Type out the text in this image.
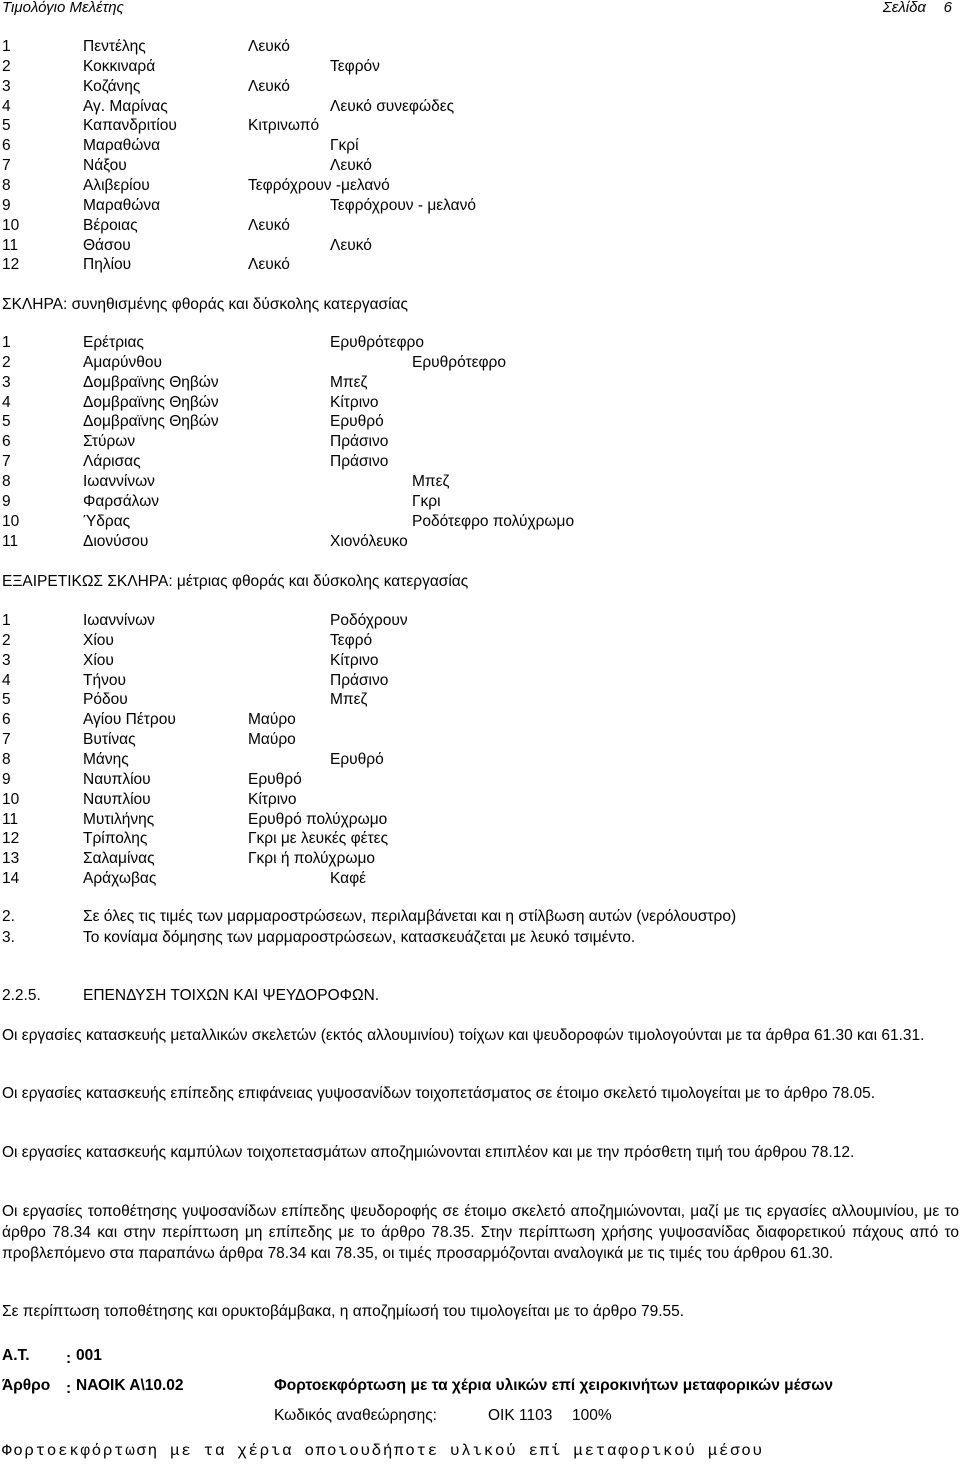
Τιμολόγιο Μελέτης	Σελίδα 6
1	Πεντέλης	Λευκό
2	Κοκκιναρά	Τεφρόν
3	Κοζάνης	Λευκό
4	Αγ. Μαρίνας	Λευκό συνεφώδες
5	Καπανδριτίου	Κιτρινωπό
6	Μαραθώνα	Γκρί
7	Νάξου	Λευκό
8	Αλιβερίου	Τεφρόχρουν -μελανό
9	Μαραθώνα	Τεφρόχρουν - μελανό
10	Βέροιας	Λευκό
11	Θάσου	Λευκό
12	Πηλίου	Λευκό
ΣΚΛΗΡΑ: συνηθισμένης φθοράς και δύσκολης κατεργασίας
1	Ερέτριας	Ερυθρότεφρο
2	Αμαρύνθου	Ερυθρότεφρο
3	Δομβραϊνης Θηβών	Μπεζ
4	Δομβραϊνης Θηβών	Κίτρινο
5	Δομβραϊνης Θηβών	Ερυθρό
6	Στύρων	Πράσινο
7	Λάρισας	Πράσινο
8	Ιωαννίνων	Μπεζ
9	Φαρσάλων	Γκρι
10	Ύδρας	Ροδότεφρο πολύχρωμο
11	Διονύσου	Χιονόλευκο
ΕΞΑΙΡΕΤΙΚΩΣ ΣΚΛΗΡΑ: μέτριας φθοράς και δύσκολης κατεργασίας
1	Ιωαννίνων	Ροδόχρουν
2	Χίου	Τεφρό
3	Χίου	Κίτρινο
4	Τήνου	Πράσινο
5	Ρόδου	Μπεζ
6	Αγίου Πέτρου	Μαύρο
7	Βυτίνας	Μαύρο
8	Μάνης	Ερυθρό
9	Ναυπλίου	Ερυθρό
10	Ναυπλίου	Κίτρινο
11	Μυτιλήνης	Ερυθρό πολύχρωμο
12	Τρίπολης	Γκρι με λευκές φέτες
13	Σαλαμίνας	Γκρι ή πολύχρωμο
14	Αράχωβας	Καφέ
2.	Σε όλες τις τιμές των μαρμαροστρώσεων, περιλαμβάνεται και η στίλβωση αυτών (νερόλουστρο)
3.	Το κονίαμα δόμησης των μαρμαροστρώσεων, κατασκευάζεται με λευκό τσιμέντο.
2.2.5.	ΕΠΕΝΔΥΣΗ ΤΟΙΧΩΝ ΚΑΙ ΨΕΥΔΟΡΟΦΩΝ.
Οι εργασίες κατασκευής μεταλλικών σκελετών (εκτός αλλουμινίου) τοίχων και ψευδοροφών τιμολογούνται με τα άρθρα 61.30 και 61.31.
Οι εργασίες κατασκευής επίπεδης επιφάνειας γυψοσανίδων τοιχοπετάσματος σε έτοιμο σκελετό τιμολογείται με το άρθρο 78.05.
Οι εργασίες κατασκευής καμπύλων τοιχοπετασμάτων αποζημιώνονται επιπλέον και με την πρόσθετη τιμή του άρθρου 78.12.
Οι εργασίες τοποθέτησης γυψοσανίδων επίπεδης ψευδοροφής σε έτοιμο σκελετό αποζημιώνονται, μαζί με τις εργασίες αλλουμινίου, με το άρθρο 78.34 και στην περίπτωση μη επίπεδης με το άρθρο 78.35. Στην περίπτωση χρήσης γυψοσανίδας διαφορετικού πάχους από το προβλεπόμενο στα παραπάνω άρθρα 78.34 και 78.35, οι τιμές προσαρμόζονται αναλογικά με τις τιμές του άρθρου 61.30.
Σε περίπτωση τοποθέτησης και ορυκτοβάμβακα, η αποζημίωσή του τιμολογείται με το άρθρο 79.55.
Α.Τ. : 001
Άρθρο : ΝΑΟΙΚ Α\10.02	Φορτοεκφόρτωση με τα χέρια υλικών επί χειροκινήτων μεταφορικών μέσων
Κωδικός αναθεώρησης:	ΟΙΚ 1103 100%
Φορτοεκφόρτωση με τα χέρια οποιουδήποτε υλικού επί μεταφορικού μέσου
